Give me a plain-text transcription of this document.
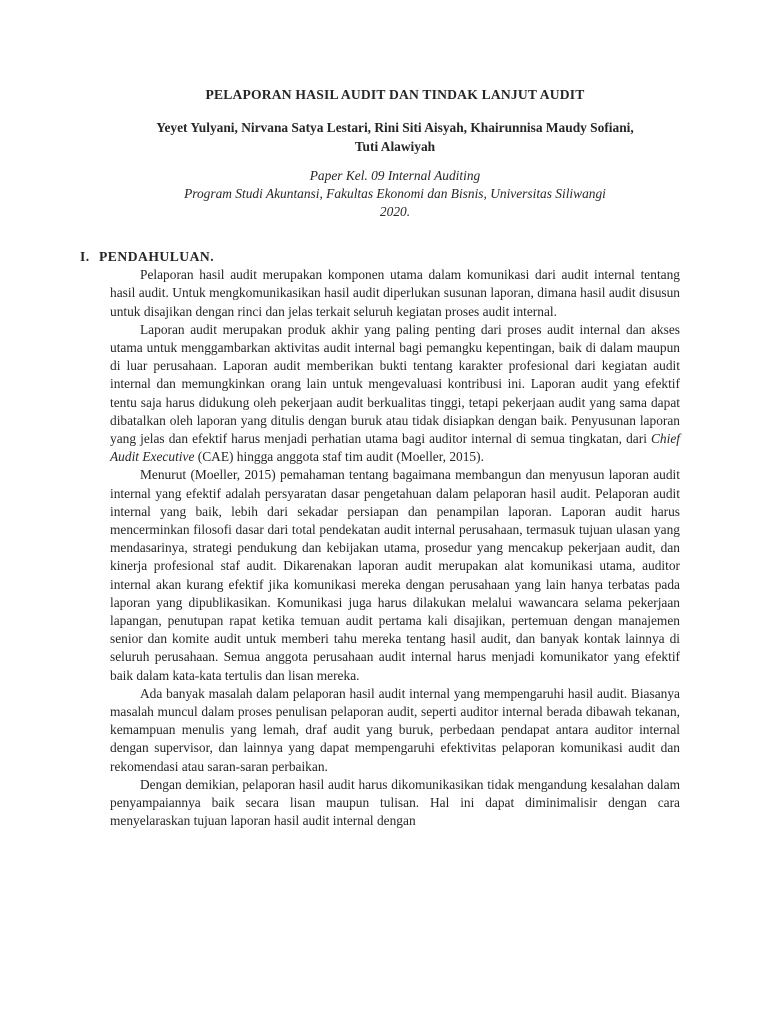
PELAPORAN HASIL AUDIT DAN TINDAK LANJUT AUDIT
Yeyet Yulyani, Nirvana Satya Lestari, Rini Siti Aisyah, Khairunnisa Maudy Sofiani,
Tuti Alawiyah
Paper Kel. 09 Internal Auditing
Program Studi Akuntansi, Fakultas Ekonomi dan Bisnis, Universitas Siliwangi
2020.
I. PENDAHULUAN.

Pelaporan hasil audit merupakan komponen utama dalam komunikasi dari audit internal tentang hasil audit. Untuk mengkomunikasikan hasil audit diperlukan susunan laporan, dimana hasil audit disusun untuk disajikan dengan rinci dan jelas terkait seluruh kegiatan proses audit internal.

Laporan audit merupakan produk akhir yang paling penting dari proses audit internal dan akses utama untuk menggambarkan aktivitas audit internal bagi pemangku kepentingan, baik di dalam maupun di luar perusahaan. Laporan audit memberikan bukti tentang karakter profesional dari kegiatan audit internal dan memungkinkan orang lain untuk mengevaluasi kontribusi ini. Laporan audit yang efektif tentu saja harus didukung oleh pekerjaan audit berkualitas tinggi, tetapi pekerjaan audit yang sama dapat dibatalkan oleh laporan yang ditulis dengan buruk atau tidak disiapkan dengan baik. Penyusunan laporan yang jelas dan efektif harus menjadi perhatian utama bagi auditor internal di semua tingkatan, dari Chief Audit Executive (CAE) hingga anggota staf tim audit (Moeller, 2015).

Menurut (Moeller, 2015) pemahaman tentang bagaimana membangun dan menyusun laporan audit internal yang efektif adalah persyaratan dasar pengetahuan dalam pelaporan hasil audit. Pelaporan audit internal yang baik, lebih dari sekadar persiapan dan penampilan laporan. Laporan audit harus mencerminkan filosofi dasar dari total pendekatan audit internal perusahaan, termasuk tujuan ulasan yang mendasarinya, strategi pendukung dan kebijakan utama, prosedur yang mencakup pekerjaan audit, dan kinerja profesional staf audit. Dikarenakan laporan audit merupakan alat komunikasi utama, auditor internal akan kurang efektif jika komunikasi mereka dengan perusahaan yang lain hanya terbatas pada laporan yang dipublikasikan. Komunikasi juga harus dilakukan melalui wawancara selama pekerjaan lapangan, penutupan rapat ketika temuan audit pertama kali disajikan, pertemuan dengan manajemen senior dan komite audit untuk memberi tahu mereka tentang hasil audit, dan banyak kontak lainnya di seluruh perusahaan. Semua anggota perusahaan audit internal harus menjadi komunikator yang efektif baik dalam kata-kata tertulis dan lisan mereka.

Ada banyak masalah dalam pelaporan hasil audit internal yang mempengaruhi hasil audit. Biasanya masalah muncul dalam proses penulisan pelaporan audit, seperti auditor internal berada dibawah tekanan, kemampuan menulis yang lemah, draf audit yang buruk, perbedaan pendapat antara auditor internal dengan supervisor, dan lainnya yang dapat mempengaruhi efektivitas pelaporan komunikasi audit dan rekomendasi atau saran-saran perbaikan.

Dengan demikian, pelaporan hasil audit harus dikomunikasikan tidak mengandung kesalahan dalam penyampaiannya baik secara lisan maupun tulisan. Hal ini dapat diminimalisir dengan cara menyelaraskan tujuan laporan hasil audit internal dengan
